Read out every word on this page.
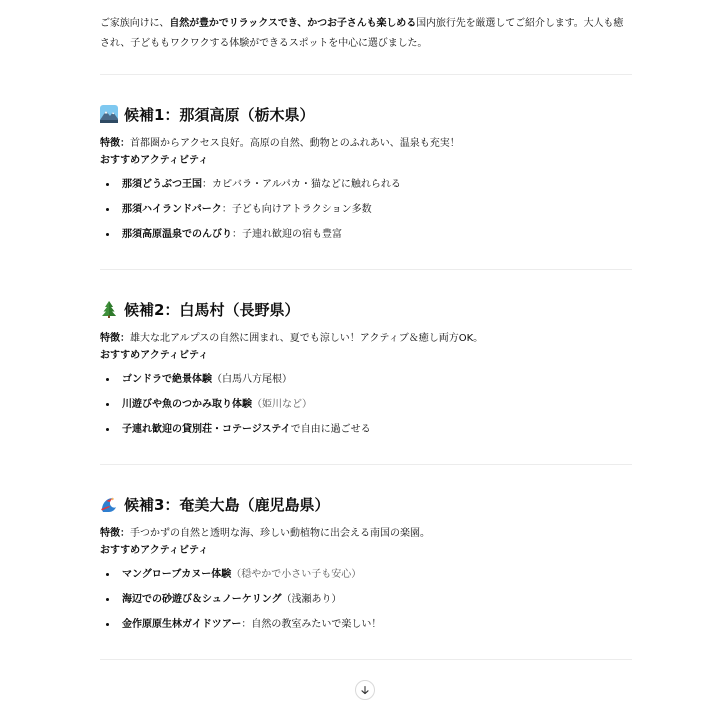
ご家族向けに、自然が豊かでリラックスでき、かつお子さんも楽しめる国内旅行先を厳選してご紹介します。大人も癒され、子どももワクワクする体験ができるスポットを中心に選びました。

候補1：那須高原（栃木県）

特徴：首都圏からアクセス良好。高原の自然、動物とのふれあい、温泉も充実！

おすすめアクティビティ

那須どうぶつ王国：カピバラ・アルパカ・猫などに触れられる
那須ハイランドパーク：子ども向けアトラクション多数
那須高原温泉でのんびり：子連れ歓迎の宿も豊富
候補2：白馬村（長野県）

特徴：雄大な北アルプスの自然に囲まれ、夏でも涼しい！アクティブ＆癒し両方OK。

おすすめアクティビティ

ゴンドラで絶景体験（白馬八方尾根）
川遊びや魚のつかみ取り体験（姫川など）
子連れ歓迎の貸別荘・コテージステイで自由に過ごせる
候補3：奄美大島（鹿児島県）

特徴：手つかずの自然と透明な海、珍しい動植物に出会える南国の楽園。

おすすめアクティビティ

マングローブカヌー体験（穏やかで小さい子も安心）
海辺での砂遊び＆シュノーケリング（浅瀬あり）
金作原原生林ガイドツアー：自然の教室みたいで楽しい！
